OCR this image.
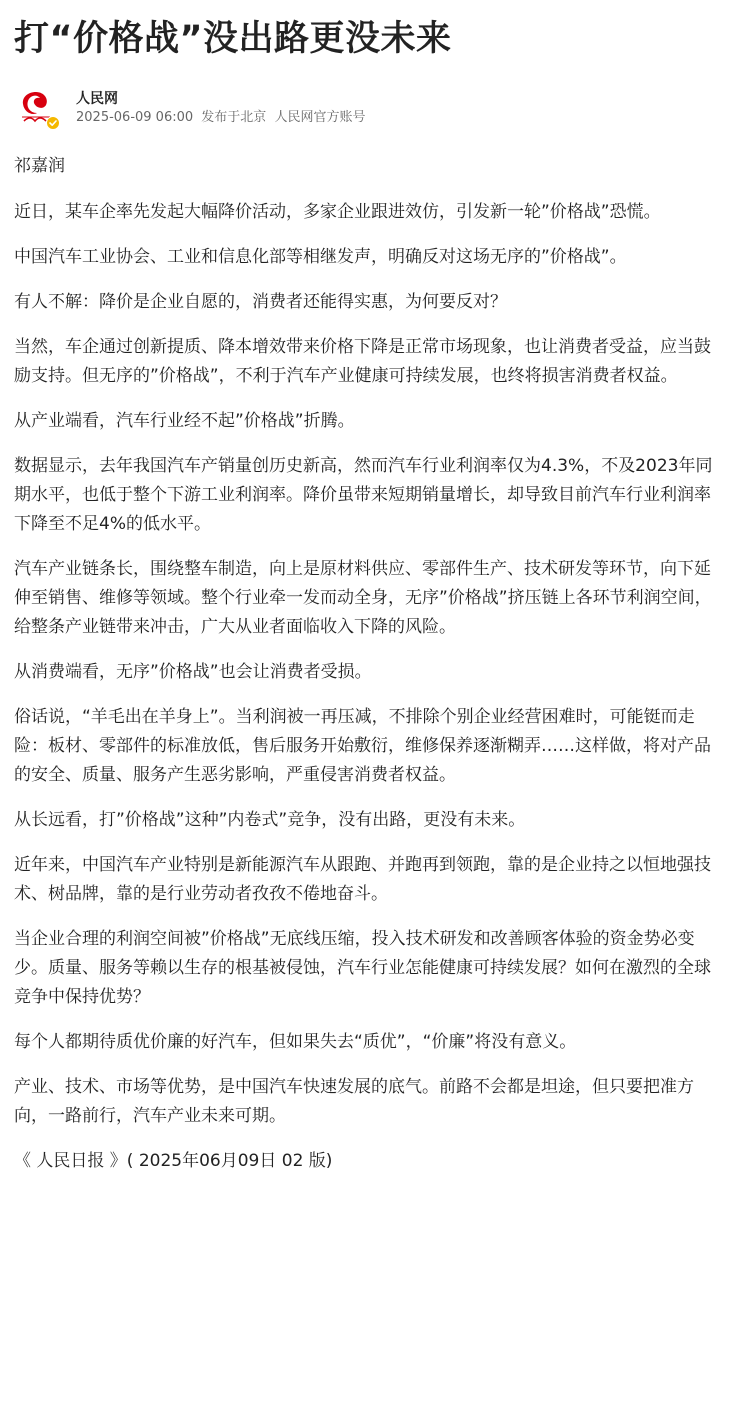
打“价格战”没出路更没未来
人民网
2025-06-09 06:00 发布于北京 人民网官方账号

祁嘉润

近日，某车企率先发起大幅降价活动，多家企业跟进效仿，引发新一轮”价格战”恐慌。

中国汽车工业协会、工业和信息化部等相继发声，明确反对这场无序的”价格战”。

有人不解：降价是企业自愿的，消费者还能得实惠，为何要反对？

当然，车企通过创新提质、降本增效带来价格下降是正常市场现象，也让消费者受益，应当鼓励支持。但无序的”价格战”，不利于汽车产业健康可持续发展，也终将损害消费者权益。

从产业端看，汽车行业经不起”价格战”折腾。

数据显示，去年我国汽车产销量创历史新高，然而汽车行业利润率仅为4.3%，不及2023年同期水平，也低于整个下游工业利润率。降价虽带来短期销量增长，却导致目前汽车行业利润率下降至不足4%的低水平。

汽车产业链条长，围绕整车制造，向上是原材料供应、零部件生产、技术研发等环节，向下延伸至销售、维修等领域。整个行业牵一发而动全身，无序”价格战”挤压链上各环节利润空间，给整条产业链带来冲击，广大从业者面临收入下降的风险。

从消费端看，无序”价格战”也会让消费者受损。

俗话说，“羊毛出在羊身上”。当利润被一再压减，不排除个别企业经营困难时，可能铤而走险：板材、零部件的标准放低，售后服务开始敷衍，维修保养逐渐糊弄……这样做，将对产品的安全、质量、服务产生恶劣影响，严重侵害消费者权益。

从长远看，打”价格战”这种”内卷式”竞争，没有出路，更没有未来。

近年来，中国汽车产业特别是新能源汽车从跟跑、并跑再到领跑，靠的是企业持之以恒地强技术、树品牌，靠的是行业劳动者孜孜不倦地奋斗。

当企业合理的利润空间被”价格战”无底线压缩，投入技术研发和改善顾客体验的资金势必变少。质量、服务等赖以生存的根基被侵蚀，汽车行业怎能健康可持续发展？如何在激烈的全球竞争中保持优势？

每个人都期待质优价廉的好汽车，但如果失去“质优”，“价廉”将没有意义。

产业、技术、市场等优势，是中国汽车快速发展的底气。前路不会都是坦途，但只要把准方向，一路前行，汽车产业未来可期。

《 人民日报 》( 2025年06月09日 02 版)
